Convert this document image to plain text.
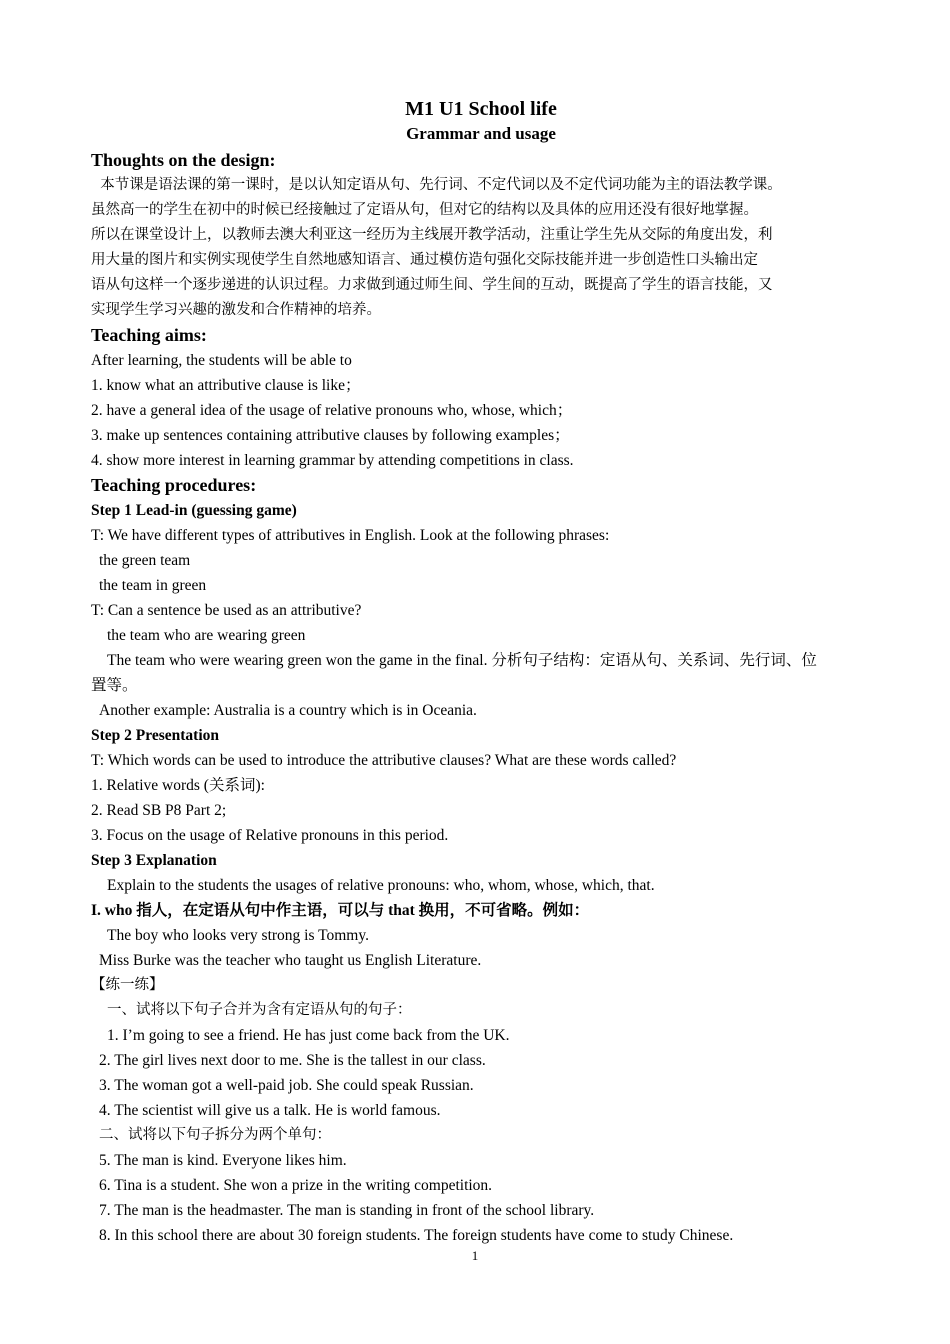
M1 U1 School life

Grammar and usage

Thoughts on the design:

本节课是语法课的第一课时，是以认知定语从句、先行词、不定代词以及不定代词功能为主的语法教学课。

虽然高一的学生在初中的时候已经接触过了定语从句，但对它的结构以及具体的应用还没有很好地掌握。

所以在课堂设计上，以教师去澳大利亚这一经历为主线展开教学活动，注重让学生先从交际的角度出发，利

用大量的图片和实例实现使学生自然地感知语言、通过模仿造句强化交际技能并进一步创造性口头输出定

语从句这样一个逐步递进的认识过程。力求做到通过师生间、学生间的互动，既提高了学生的语言技能，又

实现学生学习兴趣的激发和合作精神的培养。

Teaching aims:

After learning, the students will be able to

1. know what an attributive clause is like；

2. have a general idea of the usage of relative pronouns who, whose, which；

3. make up sentences containing attributive clauses by following examples；

4. show more interest in learning grammar by attending competitions in class.

Teaching procedures:

Step 1 Lead-in (guessing game)

T: We have different types of attributives in English. Look at the following phrases:

the green team

the team in green

T: Can a sentence be used as an attributive?

the team who are wearing green

The team who were wearing green won the game in the final. 分析句子结构：定语从句、关系词、先行词、位

置等。

Another example: Australia is a country which is in Oceania.

Step 2 Presentation

T: Which words can be used to introduce the attributive clauses? What are these words called?

1. Relative words (关系词):

2. Read SB P8 Part 2;

3. Focus on the usage of Relative pronouns in this period.

Step 3 Explanation

Explain to the students the usages of relative pronouns: who, whom, whose, which, that.

I. who 指人，在定语从句中作主语，可以与 that 换用，不可省略。例如：

The boy who looks very strong is Tommy.

Miss Burke was the teacher who taught us English Literature.

【练一练】

一、试将以下句子合并为含有定语从句的句子：

1. I’m going to see a friend. He has just come back from the UK.

2. The girl lives next door to me. She is the tallest in our class.

3. The woman got a well-paid job. She could speak Russian.

4. The scientist will give us a talk. He is world famous.

二、试将以下句子拆分为两个单句：

5. The man is kind. Everyone likes him.

6. Tina is a student. She won a prize in the writing competition.

7. The man is the headmaster. The man is standing in front of the school library.

8. In this school there are about 30 foreign students. The foreign students have come to study Chinese.

1
